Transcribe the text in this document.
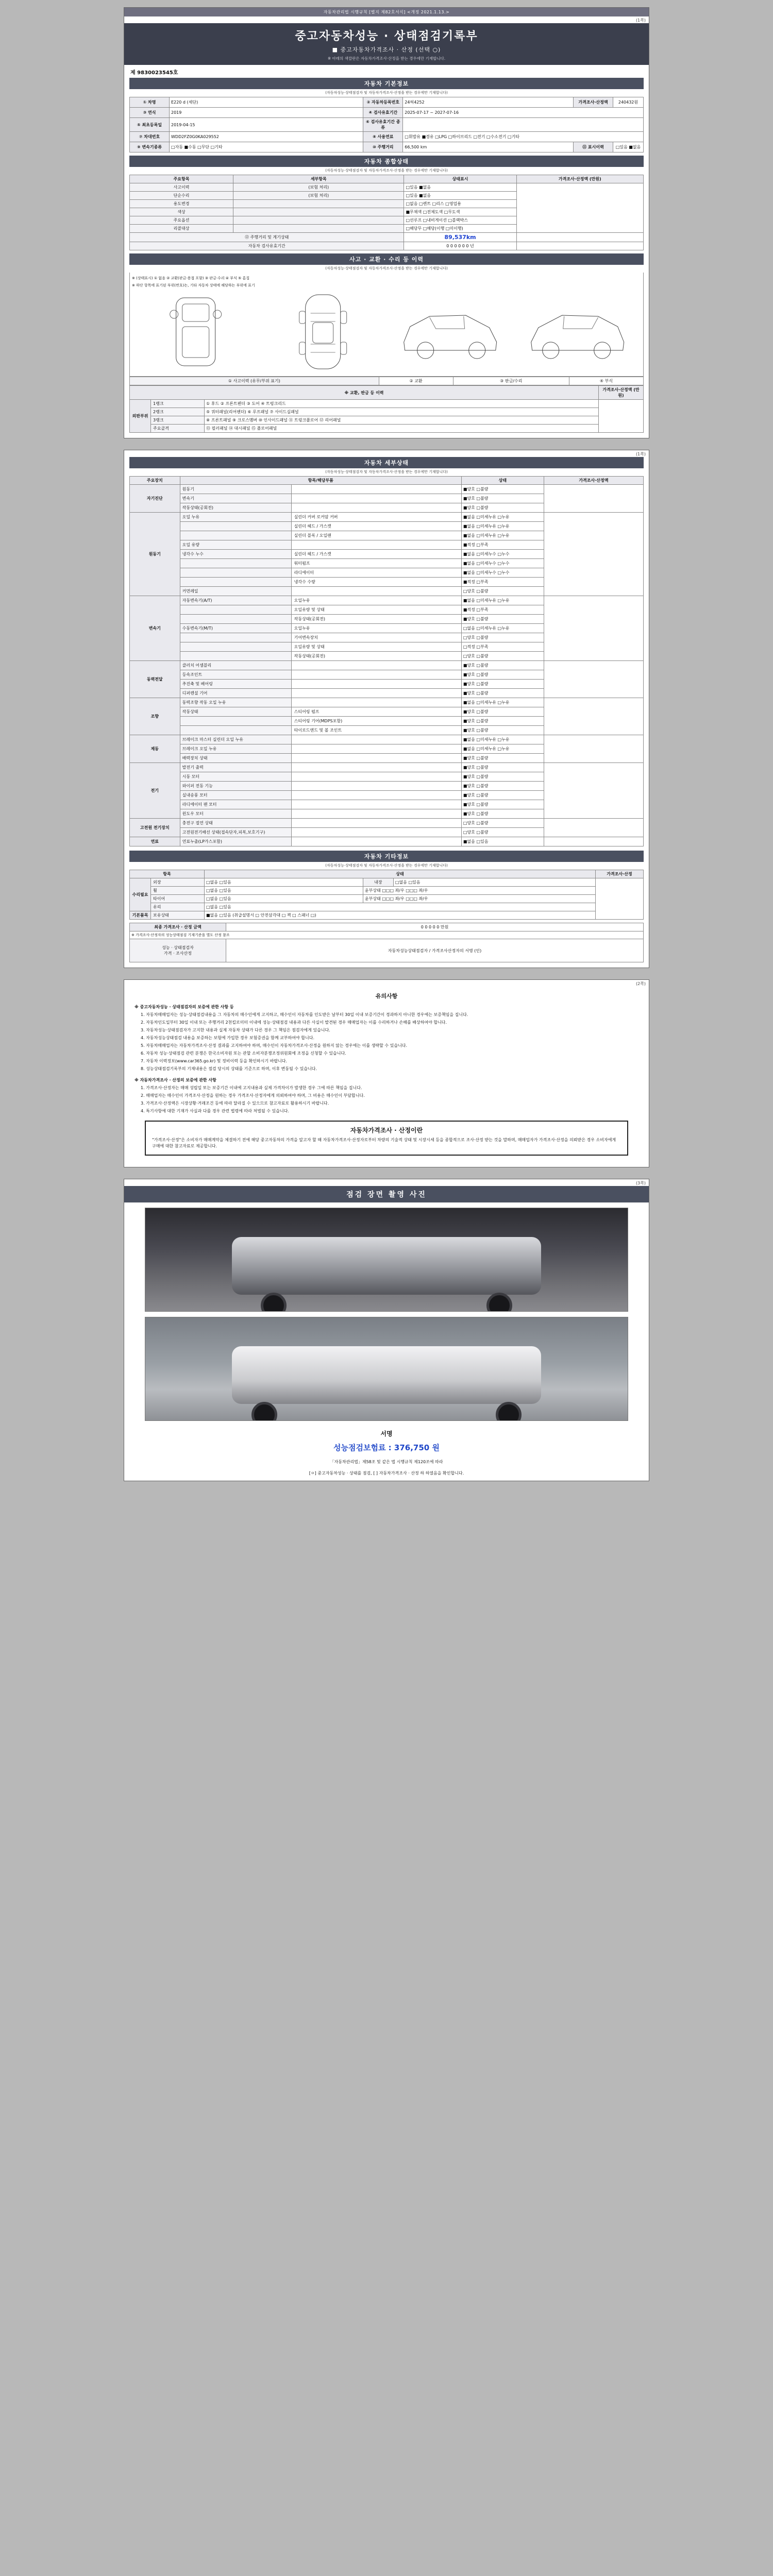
자동차관리법 시행규칙 [별지 제82호서식] <개정 2021.1.13.>
(1쪽)
중고자동차성능 · 상태점검기록부
■ 중고자동차가격조사 · 산정 (선택 ○)
※ 아래의 색깔란은 자동차가격조사·산정을 받는 경우에만 기재합니다.
제 9830023545호
자동차 기본정보
(자동차성능·상태점검자 및 자동차가격조사·산정을 받는 경우에만 기재합니다)
① 차명	E220 d (세단)	② 자동차등록번호	24허4252	가격조사·산정액	240432원
③ 연식	2019	④ 검사유효기간	2025-07-17 ~ 2027-07-16		
⑤ 최초등록일	2019-04-15	⑥ 검사유효기간 종류			
⑦ 차대번호	WDD2FZ0G0KA029552	⑧ 사용연료	□휘발유 ■경유 □LPG □하이브리드 □전기 □수소전기 □기타		
⑨ 변속기종류	□자동 ■수동 □무단 □기타	⑩ 주행거리	66,500 km	⑪ 표시이력	□있음 ■없음
자동차 종합상태
(자동차성능·상태점검자 및 자동차가격조사·산정을 받는 경우에만 기재합니다)
주요항목	세부항목	상태표시	가격조사·산정액 (만원)
사고이력	(보험 처리)	□있음 ■없음	
단순수리	(보험 처리)	□있음 ■없음	
용도변경		□없음 □렌트 □리스 □영업용	
색상		■무채색 □전체도색 □무도색	
주요옵션		□선루프 □내비게이션 □블랙박스	
리콜대상		□해당무 □해당(이행 □미이행)	
⑫ 주행거리 및 계기상태		89,537km	
자동차 검사유효기간		0 0 0 0 0 0 년	
사고 · 교환 · 수리 등 이력
(자동차성능·상태점검자 및 자동차가격조사·산정을 받는 경우에만 기재합니다)
※ (상태표시) ① 없음 ② 교환(판금·용접 포함) ③ 판금·수리 ④ 부식 ⑤ 흠집
※ 하단 항목에 표기된 부위(번호)는, 기타 자동차 상태에 해당하는 부위에 표기
① 사고이력 (유무/부위 표기)	② 교환	③ 판금/수리	④ 부식
※ 교환, 판금 등 이력			가격조사·산정액 (만원)
외판부위	1랭크	① 후드 ② 프론트펜더 ③ 도어 ④ 트렁크리드	
	2랭크	⑤ 쿼터패널(리어펜더) ⑥ 루프패널 ⑦ 사이드실패널	
	3랭크	⑧ 프론트패널 ⑨ 크로스멤버 ⑩ 인사이드패널 ⑪ 트렁크플로어 ⑫ 리어패널	
	주요골격	⑬ 필러패널 ⑭ 대시패널 ⑮ 플로어패널	
(1쪽)
자동차 세부상태
(자동차성능·상태점검자 및 자동차가격조사·산정을 받는 경우에만 기재합니다)
주요장치	항목/해당부품		상태	가격조사·산정액
자기진단	원동기		■양호 □불량	
	변속기		■양호 □불량	
	작동상태(공회전)		■양호 □불량	
원동기	오일 누유	실린더 커버 로커암 커버	■없음 □미세누유 □누유	
		실린더 헤드 / 가스켓	■없음 □미세누유 □누유	
		실린더 블록 / 오일팬	■없음 □미세누유 □누유	
	오일 유량		■적정 □부족	
	냉각수 누수	실린더 헤드 / 가스켓	■없음 □미세누수 □누수	
		워터펌프	■없음 □미세누수 □누수	
		라디에이터	■없음 □미세누수 □누수	
		냉각수 수량	■적정 □부족	
	커먼레일		□양호 □불량	
변속기	자동변속기(A/T)	오일누유	■없음 □미세누유 □누유	
		오일유량 및 상태	■적정 □부족	
		작동상태(공회전)	■양호 □불량	
	수동변속기(M/T)	오일누유	□없음 □미세누유 □누유	
		기어변속장치	□양호 □불량	
		오일유량 및 상태	□적정 □부족	
		작동상태(공회전)	□양호 □불량	
동력전달	클러치 어셈블리		■양호 □불량	
	등속조인트		■양호 □불량	
	추진축 및 베어링		■양호 □불량	
	디퍼렌셜 기어		■양호 □불량	
조향	동력조향 작동 오일 누유		■없음 □미세누유 □누유	
	작동상태	스티어링 펌프	■양호 □불량	
		스티어링 기어(MDPS포함)	■양호 □불량	
		타이로드엔드 및 볼 조인트	■양호 □불량	
제동	브레이크 마스터 실린더 오일 누유		■없음 □미세누유 □누유	
	브레이크 오일 누유		■없음 □미세누유 □누유	
	배력장치 상태		■양호 □불량	
전기	발전기 출력		■양호 □불량	
	시동 모터		■양호 □불량	
	와이퍼 전동 기능		■양호 □불량	
	실내송풍 모터		■양호 □불량	
	라디에이터 팬 모터		■양호 □불량	
	윈도우 모터		■양호 □불량	
고전원 전기장치	충전구 절연 상태		□양호 □불량	
	고전원전기배선 상태(접속단자,피복,보호기구)		□양호 □불량	
연료	연료누출(LP가스포함)		■없음 □있음	
자동차 기타정보
(자동차성능·상태점검자 및 자동차가격조사·산정을 받는 경우에만 기재합니다)
항목		상태			가격조사·산정
수리필요	외장	□없음 □있음	내장	□없음 □있음	
	휠	□없음 □있음	윤부상태 □□□ 좌/우 □□□ 좌/우		
	타이어	□없음 □있음	윤부상태 □□□ 좌/우 □□□ 좌/우		
	유리	□없음 □있음			
기본품목	보유상태	■없음 □있음 (취급설명서 □ 안전삼각대 □ 잭 □ 스패너 □)			
최종 가격조사 · 산정 금액	0 0 0 0 0 만원
※ 가격조사·산정자의 성능상태점검 기재기준을 별도 산정 참조	

성능 · 상태점검자
가격 · 조사산정	자동차성능상태점검자 / 가격조사산정자의 서명 (인)
(2쪽)
유의사항

※ 중고자동차성능 · 상태점검자의 보증에 관한 사항 등

1. 자동차매매업자는 성능·상태점검내용을 그 자동차의 매수인에게 고지하고, 매수인이 자동차를 인도받은 날부터 30일 이내 보증기간이 경과하지 아니한 경우에는 보증책임을 집니다.

2. 자동차인도일부터 30일 이내 또는 주행거리 2천킬로미터 이내에 성능·상태점검 내용과 다른 사실이 발견된 경우 매매업자는 이를 수리하거나 손해를 배상하여야 합니다.

3. 자동차성능·상태점검자가 고지한 내용과 실제 자동차 상태가 다른 경우 그 책임은 점검자에게 있습니다.

4. 자동차성능상태점검 내용을 보증하는 보험에 가입한 경우 보험증권을 함께 교부하여야 합니다.

5. 자동차매매업자는 자동차가격조사·산정 결과를 고지하여야 하며, 매수인이 자동차가격조사·산정을 원하지 않는 경우에는 이를 생략할 수 있습니다.

6. 자동차 성능·상태점검 관련 분쟁은 한국소비자원 또는 관할 소비자분쟁조정위원회에 조정을 신청할 수 있습니다.

7. 자동차 이력정보(www.car365.go.kr) 및 정비이력 등을 확인하시기 바랍니다.

8. 성능상태점검기록부의 기재내용은 점검 당시의 상태를 기준으로 하며, 이후 변동될 수 있습니다.

※ 자동차가격조사 · 산정의 보증에 관한 사항

1. 가격조사·산정자는 매매 성립일 또는 보증기간 이내에 고지내용과 실제 가격차이가 발생한 경우 그에 따른 책임을 집니다.

2. 매매업자는 매수인이 가격조사·산정을 원하는 경우 가격조사·산정자에게 의뢰하여야 하며, 그 비용은 매수인이 부담합니다.

3. 가격조사·산정액은 시장상황·거래조건 등에 따라 달라질 수 있으므로 참고자료로 활용하시기 바랍니다.

4. 특기사항에 대한 기재가 사실과 다를 경우 관련 법령에 따라 처벌될 수 있습니다.

자동차가격조사 · 산정이란

"가격조사·산정"은 소비자가 매매계약을 체결하기 전에 해당 중고자동차의 가격을 알고자 할 때 자동차가격조사·산정자로부터 차량의 기술적 상태 및 시장시세 등을 종합적으로 조사·산정 받는 것을 말하며, 매매업자가 가격조사·산정을 의뢰받은 경우 소비자에게 구매에 대한 참고자료로 제공합니다.

(3쪽)
점검 장면 촬영 사진
서명
성능점검보험료 : 376,750 원
「자동차관리법」제58조 및 같은 법 시행규칙 제120조에 따라
[ㅇ] 중고자동차성능 · 상태를 점검, [ ] 자동차가격조사 · 산정 하 하였음을 확인합니다.
